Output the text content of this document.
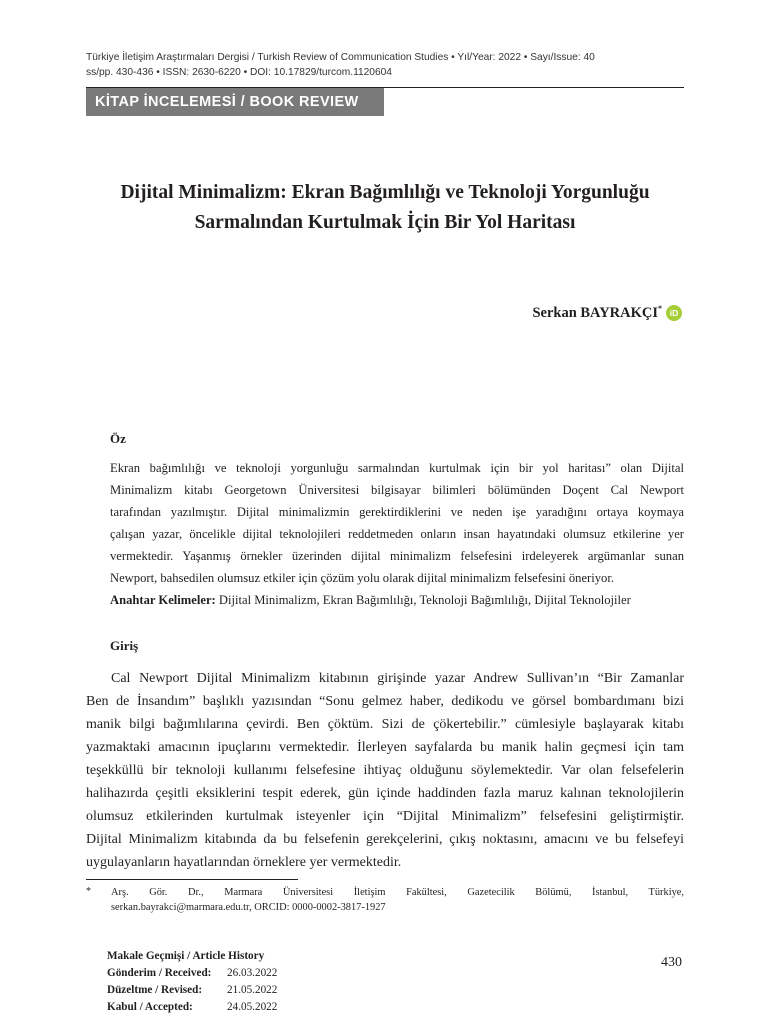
Türkiye İletişim Araştırmaları Dergisi / Turkish Review of Communication Studies • Yıl/Year: 2022 • Sayı/Issue: 40
ss/pp. 430-436 • ISSN: 2630-6220 • DOI: 10.17829/turcom.1120604
KİTAP İNCELEMESİ / BOOK REVIEW
Dijital Minimalizm: Ekran Bağımlılığı ve Teknoloji Yorgunluğu
Sarmalından Kurtulmak İçin Bir Yol Haritası
Serkan BAYRAKÇI* iD
Öz
Ekran bağımlılığı ve teknoloji yorgunluğu sarmalından kurtulmak için bir yol haritası” olan Dijital
Minimalizm kitabı Georgetown Üniversitesi bilgisayar bilimleri bölümünden Doçent Cal Newport
tarafından yazılmıştır. Dijital minimalizmin gerektirdiklerini ve neden işe yaradığını ortaya koymaya
çalışan yazar, öncelikle dijital teknolojileri reddetmeden onların insan hayatındaki olumsuz etkilerine yer
vermektedir. Yaşanmış örnekler üzerinden dijital minimalizm felsefesini irdeleyerek argümanlar sunan
Newport, bahsedilen olumsuz etkiler için çözüm yolu olarak dijital minimalizm felsefesini öneriyor.
Anahtar Kelimeler: Dijital Minimalizm, Ekran Bağımlılığı, Teknoloji Bağımlılığı, Dijital Teknolojiler
Giriş
Cal Newport Dijital Minimalizm kitabının girişinde yazar Andrew Sullivan’ın “Bir Zamanlar
Ben de İnsandım” başlıklı yazısından “Sonu gelmez haber, dedikodu ve görsel bombardımanı bizi
manik bilgi bağımlılarına çevirdi. Ben çöktüm. Sizi de çökertebilir.” cümlesiyle başlayarak kitabı
yazmaktaki amacının ipuçlarını vermektedir. İlerleyen sayfalarda bu manik halin geçmesi için tam
teşekküllü bir teknoloji kullanımı felsefesine ihtiyaç olduğunu söylemektedir. Var olan felsefelerin
halihazırda çeşitli eksiklerini tespit ederek, gün içinde haddinden fazla maruz kalınan teknolojilerin
olumsuz etkilerinden kurtulmak isteyenler için “Dijital Minimalizm” felsefesini geliştirmiştir.
Dijital Minimalizm kitabında da bu felsefenin gerekçelerini, çıkış noktasını, amacını ve bu felsefeyi
uygulayanların hayatlarından örneklere yer vermektedir.
* Arş. Gör. Dr., Marmara Üniversitesi İletişim Fakültesi, Gazetecilik Bölümü, İstanbul, Türkiye,
serkan.bayrakci@marmara.edu.tr, ORCID: 0000-0002-3817-1927
Makale Geçmişi / Article History
Gönderim / Received: 26.03.2022
Düzeltme / Revised: 21.05.2022
Kabul / Accepted:	24.05.2022
430
